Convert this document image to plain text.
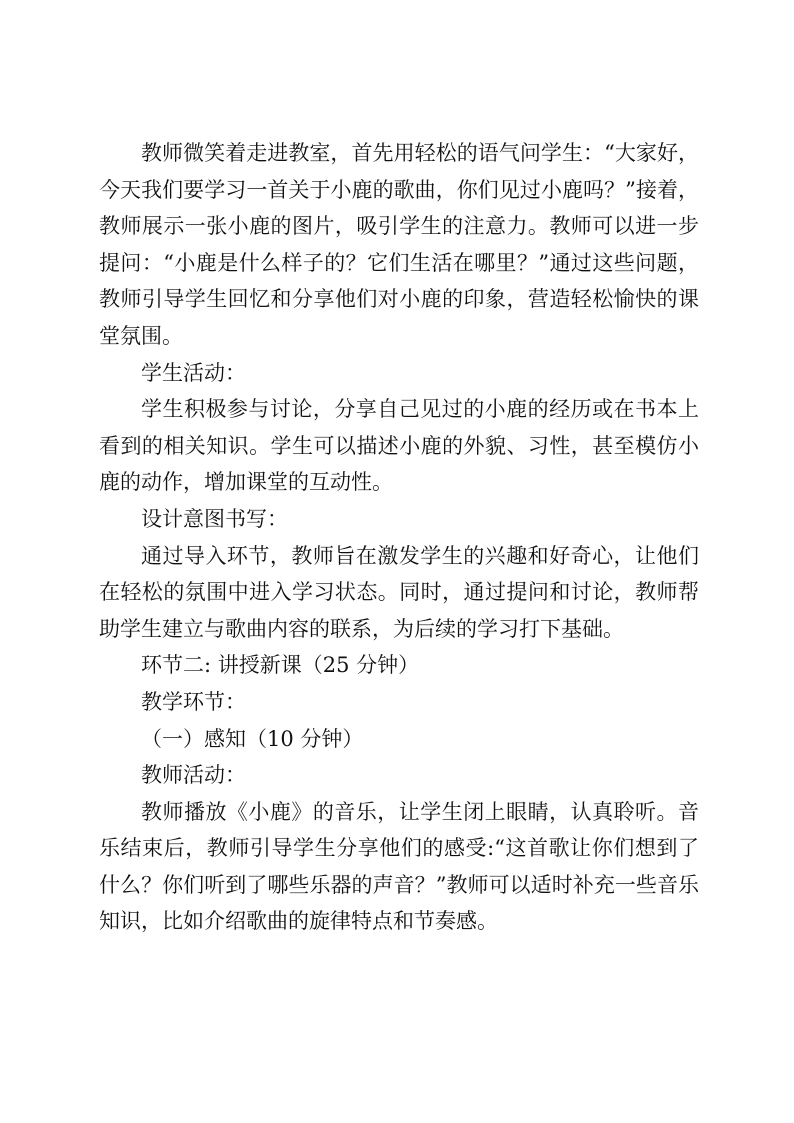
教师微笑着走进教室，首先用轻松的语气问学生：“大家好，今天我们要学习一首关于小鹿的歌曲，你们见过小鹿吗？”接着，教师展示一张小鹿的图片，吸引学生的注意力。教师可以进一步提问：“小鹿是什么样子的？它们生活在哪里？”通过这些问题，教师引导学生回忆和分享他们对小鹿的印象，营造轻松愉快的课堂氛围。

学生活动：

学生积极参与讨论，分享自己见过的小鹿的经历或在书本上看到的相关知识。学生可以描述小鹿的外貌、习性，甚至模仿小鹿的动作，增加课堂的互动性。

设计意图书写：

通过导入环节，教师旨在激发学生的兴趣和好奇心，让他们在轻松的氛围中进入学习状态。同时，通过提问和讨论，教师帮助学生建立与歌曲内容的联系，为后续的学习打下基础。

环节二: 讲授新课（25 分钟）

教学环节：

（一）感知（10 分钟）

教师活动：

教师播放《小鹿》的音乐，让学生闭上眼睛，认真聆听。音乐结束后，教师引导学生分享他们的感受:“这首歌让你们想到了什么？你们听到了哪些乐器的声音？”教师可以适时补充一些音乐知识，比如介绍歌曲的旋律特点和节奏感。
